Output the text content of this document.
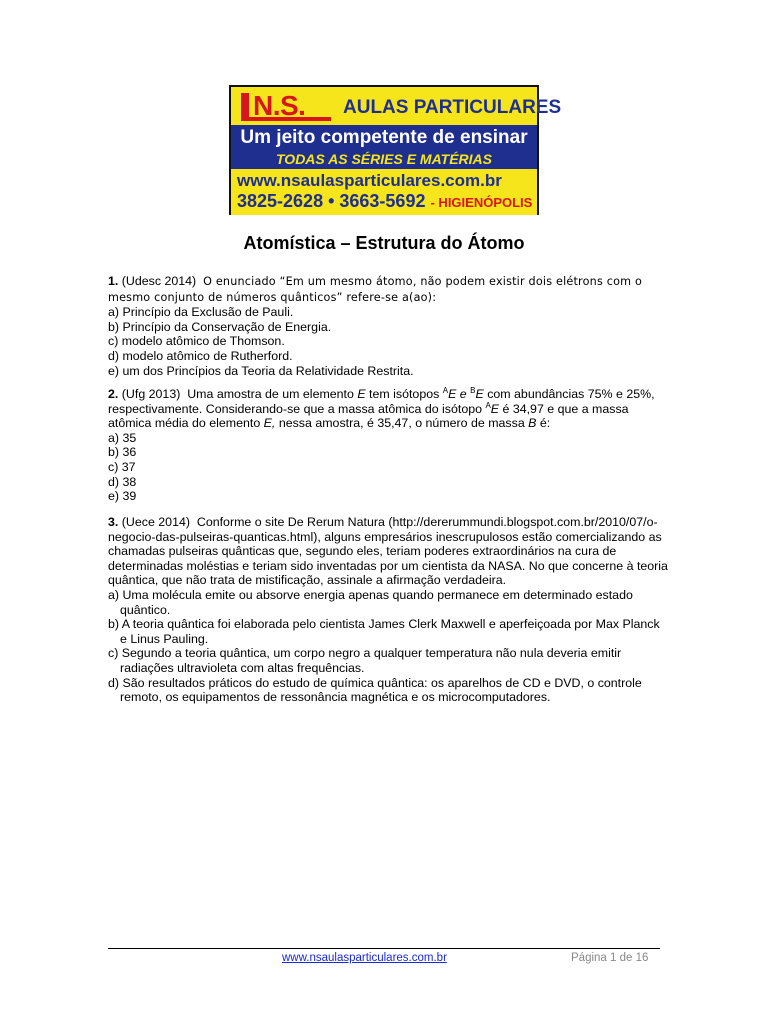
N.S. AULAS PARTICULARES
Um jeito competente de ensinar
TODAS AS SÉRIES E MATÉRIAS
www.nsaulasparticulares.com.br
3825-2628 • 3663-5692 - HIGIENÓPOLIS
Atomística – Estrutura do Átomo

1. (Udesc 2014) O enunciado “Em um mesmo átomo, não podem existir dois elétrons com o mesmo conjunto de números quânticos” refere-se a(ao):

a) Princípio da Exclusão de Pauli.

b) Princípio da Conservação de Energia.

c) modelo atômico de Thomson.

d) modelo atômico de Rutherford.

e) um dos Princípios da Teoria da Relatividade Restrita.

2. (Ufg 2013) Uma amostra de um elemento E tem isótopos $^A$E e $^B$E com abundâncias 75% e 25%, respectivamente. Considerando-se que a massa atômica do isótopo $^A$E é 34,97 e que a massa atômica média do elemento E, nessa amostra, é 35,47, o número de massa B é:

a) 35

b) 36

c) 37

d) 38

e) 39

3. (Uece 2014) Conforme o site De Rerum Natura (http://dererummundi.blogspot.com.br/2010/07/o-negocio-das-pulseiras-quanticas.html), alguns empresários inescrupulosos estão comercializando as chamadas pulseiras quânticas que, segundo eles, teriam poderes extraordinários na cura de determinadas moléstias e teriam sido inventadas por um cientista da NASA. No que concerne à teoria quântica, que não trata de mistificação, assinale a afirmação verdadeira.

a) Uma molécula emite ou absorve energia apenas quando permanece em determinado estado quântico.

b) A teoria quântica foi elaborada pelo cientista James Clerk Maxwell e aperfeiçoada por Max Planck e Linus Pauling.

c) Segundo a teoria quântica, um corpo negro a qualquer temperatura não nula deveria emitir radiações ultravioleta com altas frequências.

d) São resultados práticos do estudo de química quântica: os aparelhos de CD e DVD, o controle remoto, os equipamentos de ressonância magnética e os microcomputadores.

www.nsaulasparticulares.com.br	Página 1 de 16
